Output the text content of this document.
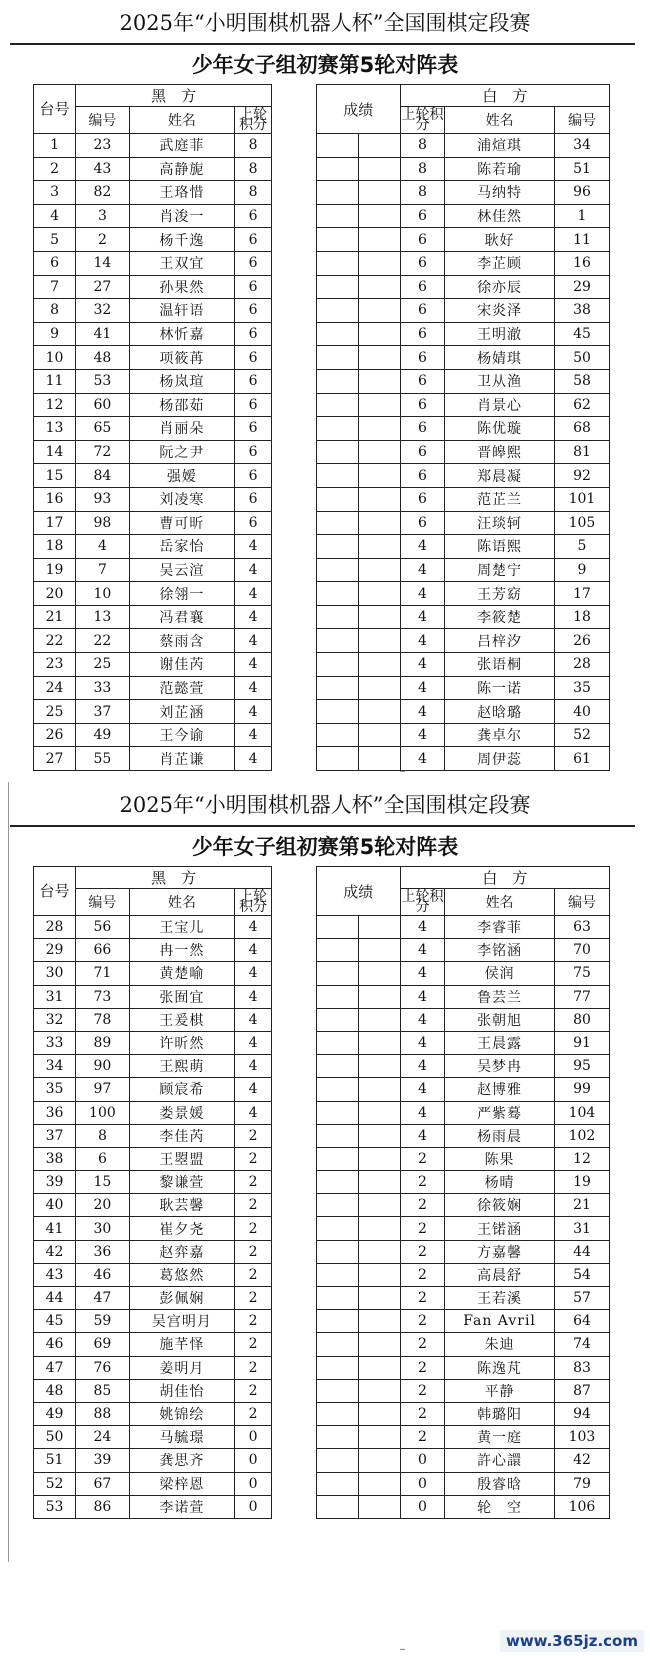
2025年“小明围棋机器人杯”全国围棋定段赛
少年女子组初赛第5轮对阵表
台号	黑　方				成绩		白　方		
	编号	姓名	上轮积分				上轮积分	姓名	编号
1	23	武庭菲	8				8	浦煊琪	34
2	43	高静旎	8				8	陈若瑜	51
3	82	王珞惜	8				8	马纳特	96
4	3	肖浚一	6				6	林佳然	1
5	2	杨千逸	6				6	耿好	11
6	14	王双宜	6				6	李芷顾	16
7	27	孙果然	6				6	徐亦辰	29
8	32	温轩语	6				6	宋炎泽	38
9	41	林忻嘉	6				6	王明澈	45
10	48	项筱苒	6				6	杨婧琪	50
11	53	杨岚瑄	6				6	卫从渔	58
12	60	杨邵茹	6				6	肖景心	62
13	65	肖丽朵	6				6	陈优璇	68
14	72	阮之尹	6				6	晋皞熙	81
15	84	强嫒	6				6	郑晨凝	92
16	93	刘凌寒	6				6	范芷兰	101
17	98	曹可昕	6				6	汪琰轲	105
18	4	岳家怡	4				4	陈语熙	5
19	7	吴云渲	4				4	周楚宁	9
20	10	徐翎一	4				4	王芳窈	17
21	13	冯君襄	4				4	李筱楚	18
22	22	蔡雨含	4				4	吕梓汐	26
23	25	谢佳芮	4				4	张语桐	28
24	33	范懿萱	4				4	陈一诺	35
25	37	刘芷涵	4				4	赵晗璐	40
26	49	王今谕	4				4	龚卓尔	52
27	55	肖芷谦	4				4	周伊蕊	61
─
2025年“小明围棋机器人杯”全国围棋定段赛
少年女子组初赛第5轮对阵表
台号	黑　方				成绩		白　方		
	编号	姓名	上轮积分				上轮积分	姓名	编号
28	56	王宝儿	4				4	李睿菲	63
29	66	冉一然	4				4	李铭涵	70
30	71	黄楚喻	4				4	侯润	75
31	73	张囿宜	4				4	鲁芸兰	77
32	78	王爰棋	4				4	张朝旭	80
33	89	许昕然	4				4	王晨露	91
34	90	王熙萌	4				4	吴梦冉	95
35	97	顾宸希	4				4	赵博雅	99
36	100	娄景媛	4				4	严紫蓦	104
37	8	李佳芮	2				4	杨雨晨	102
38	6	王曌盟	2				2	陈果	12
39	15	黎谦萱	2				2	杨晴	19
40	20	耿芸馨	2				2	徐筱娴	21
41	30	崔夕尧	2				2	王锘涵	31
42	36	赵弈嘉	2				2	方嘉馨	44
43	46	葛悠然	2				2	高晨舒	54
44	47	彭佩娴	2				2	王若溪	57
45	59	吴宫明月	2				2	Fan Avril	64
46	69	施芊怿	2				2	朱迪	74
47	76	姜明月	2				2	陈逸芃	83
48	85	胡佳怡	2				2	平静	87
49	88	姚锦绘	2				2	韩璐阳	94
50	24	马毓璟	0				2	黄一庭	103
51	39	龚思齐	0				0	許心譞	42
52	67	梁梓恩	0				0	殷睿晗	79
53	86	李诺萱	0				0	轮　空	106
─	www.365jz.com
